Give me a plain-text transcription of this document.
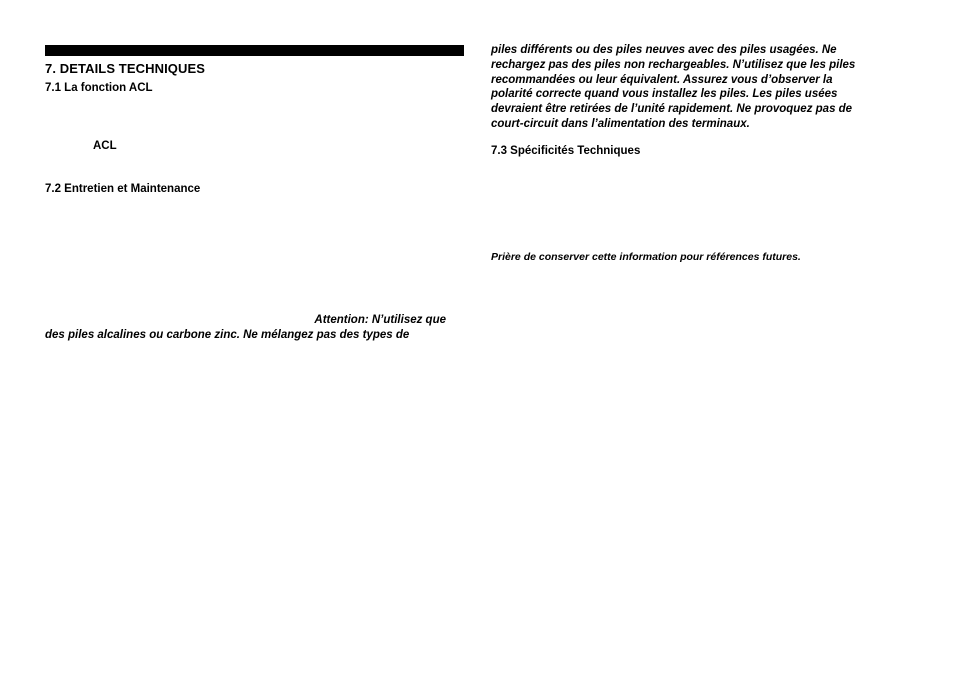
7. DETAILS TECHNIQUES

7.1 La fonction ACL

ACL

7.2 Entretien et Maintenance

Attention: N’utilisez que
des piles alcalines ou carbone zinc. Ne mélangez pas des types de

piles différents ou des piles neuves avec des piles usagées. Ne
rechargez pas des piles non rechargeables. N’utilisez que les piles
recommandées ou leur équivalent. Assurez vous d’observer la
polarité correcte quand vous installez les piles. Les piles usées
devraient être retirées de l’unité rapidement. Ne provoquez pas de
court-circuit dans l’alimentation des terminaux.

7.3 Spécificités Techniques

Prière de conserver cette information pour références futures.
